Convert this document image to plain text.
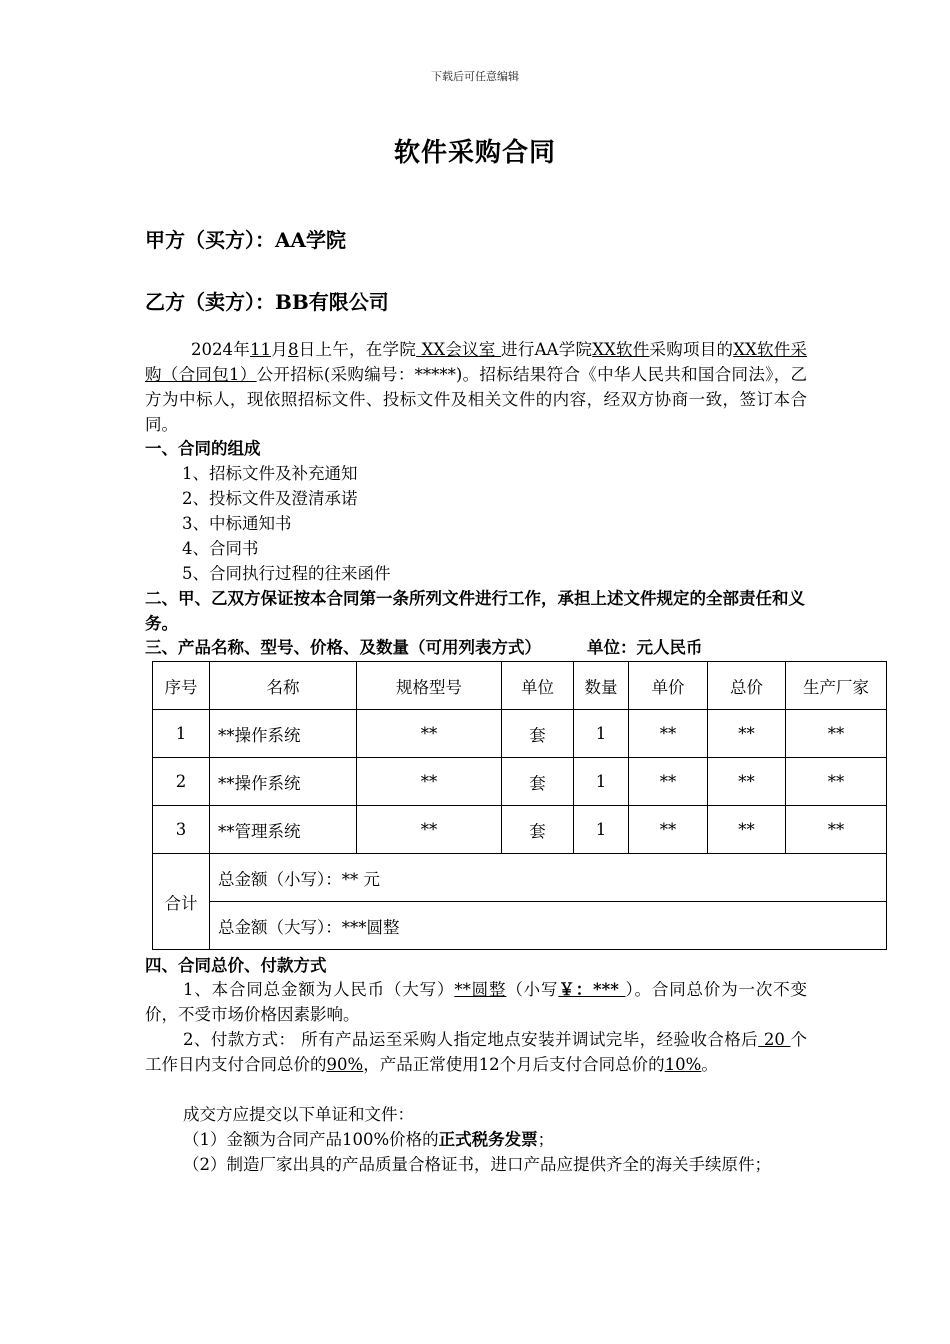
下载后可任意编辑
软件采购合同
甲方（买方）：AA学院
乙方（卖方）：BB有限公司
2024年11月8日上午，在学院 XX会议室 进行AA学院XX软件采购项目的XX软件采购（合同包1）公开招标(采购编号：*****)。招标结果符合《中华人民共和国合同法》，乙方为中标人，现依照招标文件、投标文件及相关文件的内容，经双方协商一致，签订本合同。
一、合同的组成
1、招标文件及补充通知
2、投标文件及澄清承诺
3、中标通知书
4、合同书
5、合同执行过程的往来函件
二、甲、乙双方保证按本合同第一条所列文件进行工作，承担上述文件规定的全部责任和义务。
三、产品名称、型号、价格、及数量（可用列表方式）	单位：元人民币
序号	名称	规格型号	单位	数量	单价	总价	生产厂家
1	**操作系统	**	套	1	**	**	**
2	**操作系统	**	套	1	**	**	**
3	**管理系统	**	套	1	**	**	**
合计	总金额（小写）：** 元						
	总金额（大写）：***圆整						
四、合同总价、付款方式
1、本合同总金额为人民币（大写）**圆整（小写￥：*** ）。合同总价为一次不变价，不受市场价格因素影响。
2、付款方式： 所有产品运至采购人指定地点安装并调试完毕，经验收合格后 20 个工作日内支付合同总价的90%，产品正常使用12个月后支付合同总价的10%。
成交方应提交以下单证和文件：
（1）金额为合同产品100%价格的正式税务发票；
（2）制造厂家出具的产品质量合格证书，进口产品应提供齐全的海关手续原件；
